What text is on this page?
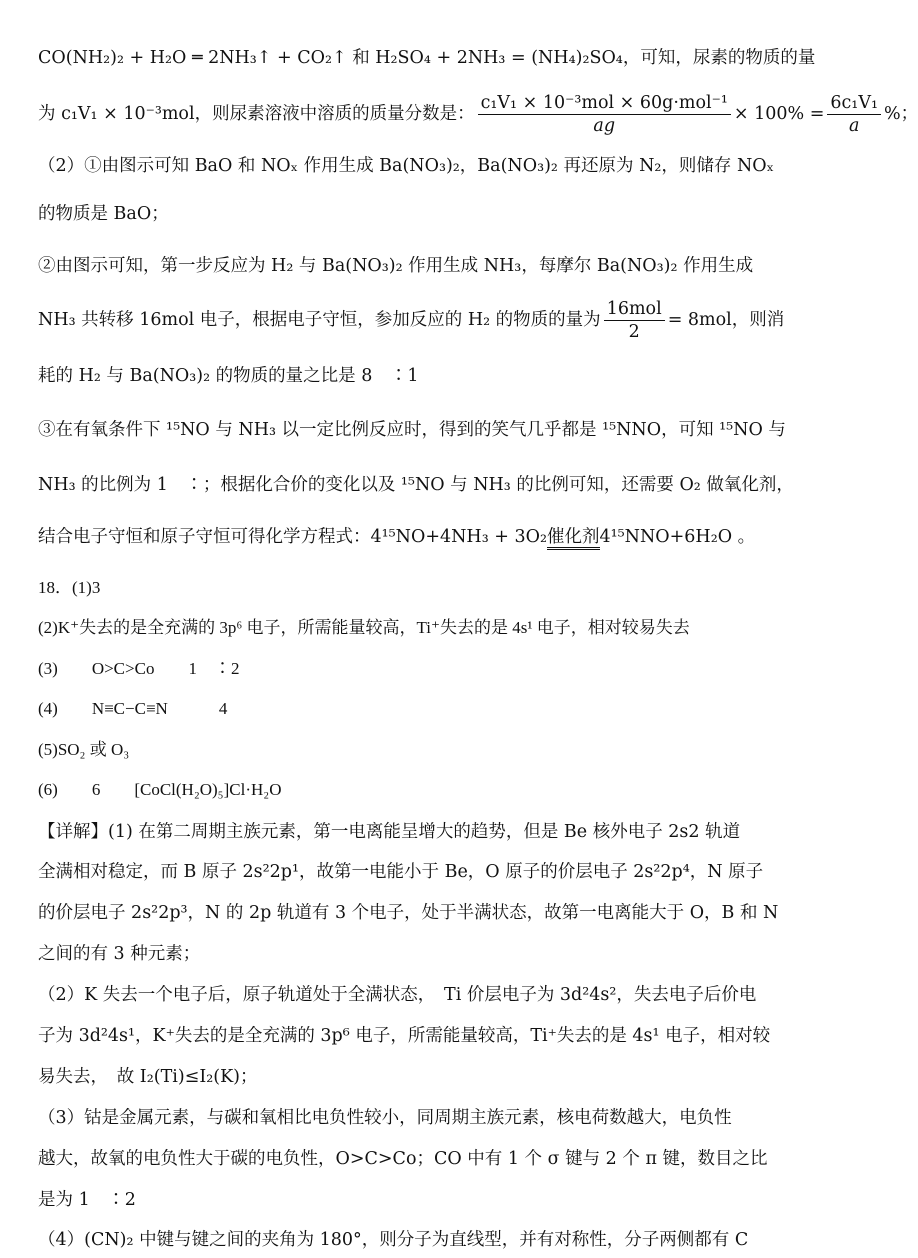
CO(NH₂)₂ + H₂O ═ 2NH₃↑ + CO₂↑ 和 H₂SO₄ + 2NH₃ = (NH₄)₂SO₄，可知，尿素的物质的量
为 c₁V₁ × 10⁻³mol，则尿素溶液中溶质的质量分数是： $\frac{\text{c₁V₁ × 10⁻³mol × 60g·mol⁻¹}}{ag} \times 100\% = \frac{\text{6c₁V₁}}{a}$ %；
（2）①由图示可知 BaO 和 NOₓ 作用生成 Ba(NO₃)₂，Ba(NO₃)₂ 再还原为 N₂，则储存 NOₓ
的物质是 BaO；
②由图示可知，第一步反应为 H₂ 与 Ba(NO₃)₂ 作用生成 NH₃，每摩尔 Ba(NO₃)₂ 作用生成
NH₃ 共转移 16mol 电子，根据电子守恒，参加反应的 H₂ 的物质的量为 $\frac{\text{16mol}}{2} = 8mol$，则消
耗的 H₂ 与 Ba(NO₃)₂ 的物质的量之比是 8　∶1
③在有氧条件下 ¹⁵NO 与 NH₃ 以一定比例反应时，得到的笑气几乎都是 ¹⁵NNO，可知 ¹⁵NO 与
NH₃ 的比例为 1　∶；根据化合价的变化以及 ¹⁵NO 与 NH₃ 的比例可知，还需要 O₂ 做氧化剂，
结合电子守恒和原子守恒可得化学方程式：4¹⁵NO+4NH₃ + 3O₂催化剂4¹⁵NNO+6H₂O 。
18．(1)3
(2)K⁺失去的是全充满的 3p⁶ 电子，所需能量较高，Ti⁺失去的是 4s¹ 电子，相对较易失去
(3)　　O>C>Co　　1　∶2
(4)　　N≡C−C≡N　　　4
(5)SO₂ 或 O₃
(6)　　6　　[CoCl(H₂O)₅]Cl·H₂O
【详解】(1) 在第二周期主族元素，第一电离能呈增大的趋势，但是 Be 核外电子 2s2 轨道
全满相对稳定，而 B 原子 2s²2p¹，故第一电能小于 Be，O 原子的价层电子 2s²2p⁴，N 原子
的价层电子 2s²2p³，N 的 2p 轨道有 3 个电子，处于半满状态，故第一电离能大于 O，B 和 N
之间的有 3 种元素；
（2）K 失去一个电子后，原子轨道处于全满状态，　Ti 价层电子为 3d²4s²，失去电子后价电
子为 3d²4s¹，K⁺失去的是全充满的 3p⁶ 电子，所需能量较高，Ti⁺失去的是 4s¹ 电子，相对较
易失去，　故 I₂(Ti)≤I₂(K)；
（3）钴是金属元素，与碳和氧相比电负性较小，同周期主族元素，核电荷数越大，电负性
越大，故氧的电负性大于碳的电负性，O>C>Co；CO 中有 1 个 σ 键与 2 个 π 键，数目之比
是为 1　∶2
（4）(CN)₂ 中键与键之间的夹角为 180°，则分子为直线型，并有对称性，分子两侧都有 C
